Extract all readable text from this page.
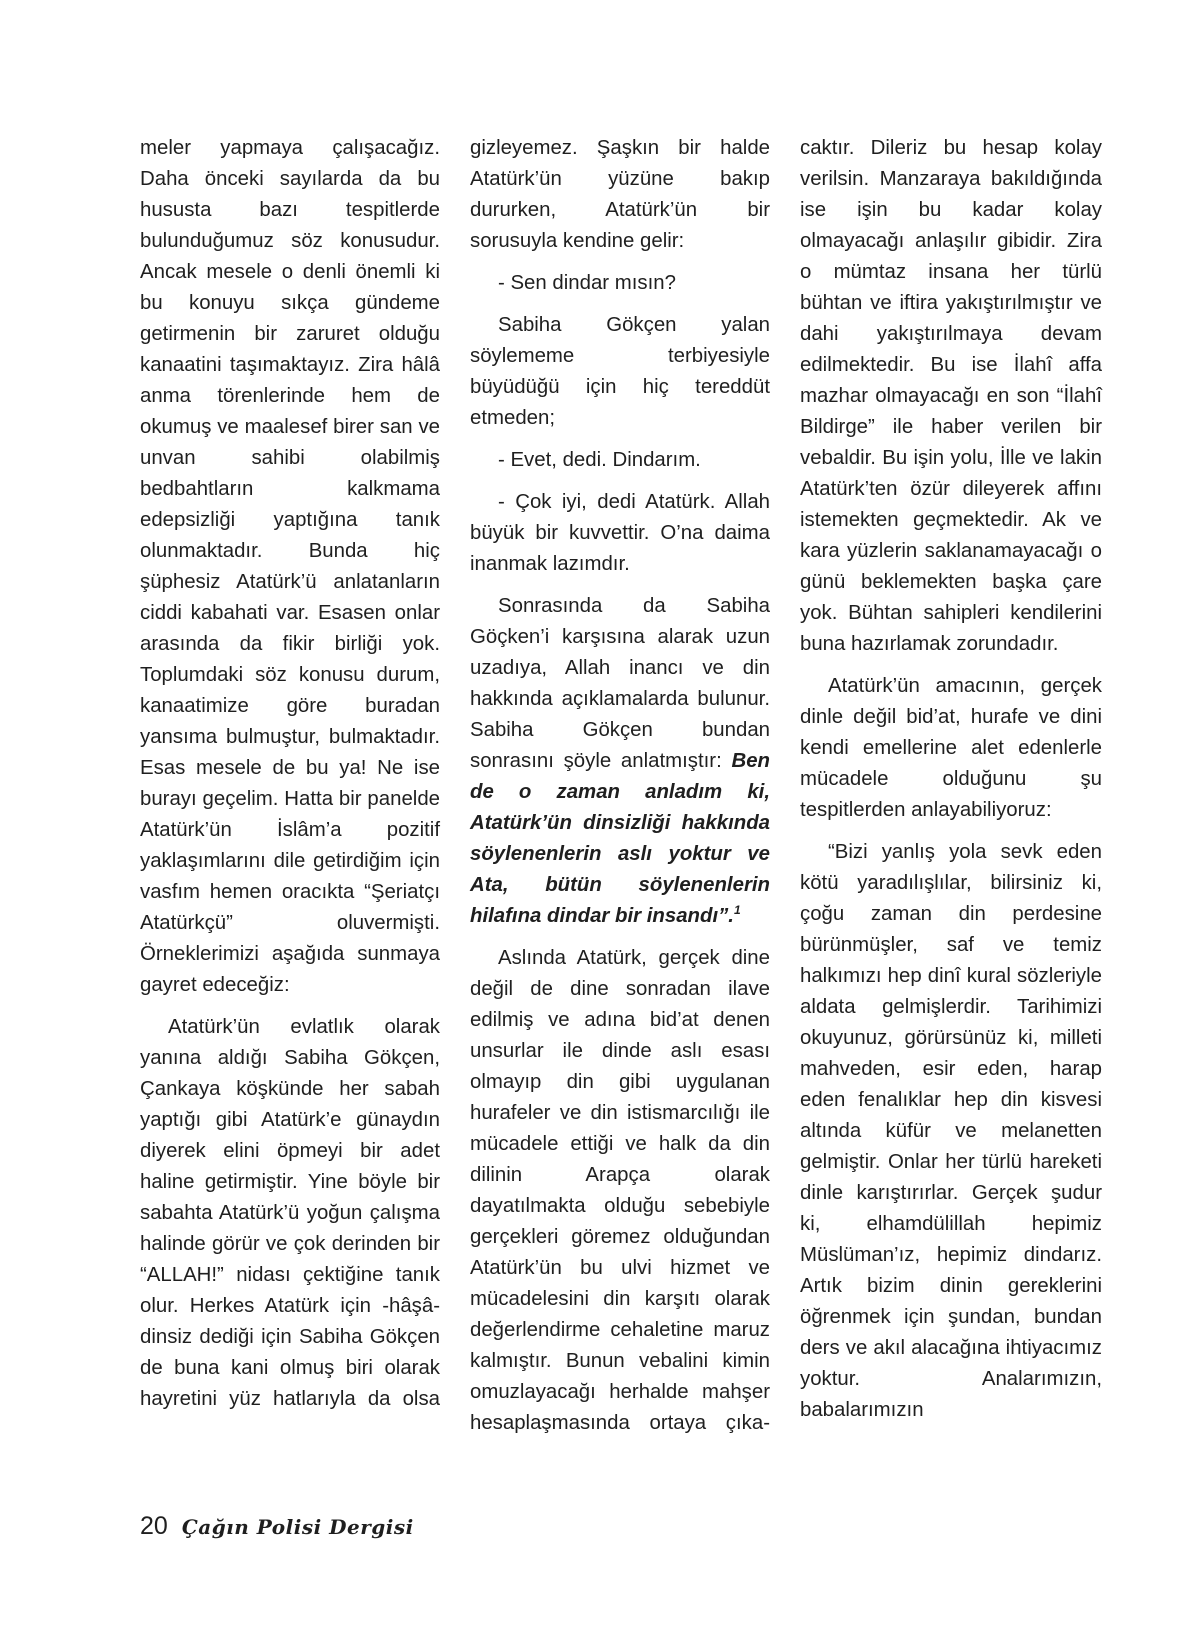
meler yapmaya çalışacağız. Daha önceki sayılarda da bu hususta bazı tespitlerde bulunduğumuz söz konusudur. Ancak mesele o denli önemli ki bu konuyu sıkça gündeme getirmenin bir zaruret olduğu kanaatini taşımaktayız. Zira hâlâ anma törenlerinde hem de okumuş ve maalesef birer san ve unvan sahibi olabilmiş bedbahtların kalkmama edepsizliği yaptığına tanık olunmaktadır. Bunda hiç şüphesiz Atatürk’ü anlatanların ciddi kabahati var. Esasen onlar arasında da fikir birliği yok. Toplumdaki söz konusu durum, kanaatimize göre buradan yansıma bulmuştur, bulmaktadır. Esas mesele de bu ya! Ne ise burayı geçelim. Hatta bir panelde Atatürk’ün İslâm’a pozitif yaklaşımlarını dile getirdiğim için vasfım hemen oracıkta “Şeriatçı Atatürkçü” oluvermişti. Örneklerimizi aşağıda sunmaya gayret edeceğiz:

Atatürk’ün evlatlık olarak yanına aldığı Sabiha Gökçen, Çankaya köşkünde her sabah yaptığı gibi Atatürk’e günaydın diyerek elini öpmeyi bir adet haline getirmiştir. Yine böyle bir sabahta Atatürk’ü yoğun çalışma halinde görür ve çok derinden bir “ALLAH!” nidası çektiğine tanık olur. Herkes Atatürk için -hâşâ- dinsiz dediği için Sabiha Gökçen de buna kani olmuş biri olarak hayretini yüz hatlarıyla da olsa

gizleyemez. Şaşkın bir halde Atatürk’ün yüzüne bakıp dururken, Atatürk’ün bir sorusuyla kendine gelir:

- Sen dindar mısın?

Sabiha Gökçen yalan söylememe terbiyesiyle büyüdüğü için hiç tereddüt etmeden;

- Evet, dedi. Dindarım.

- Çok iyi, dedi Atatürk. Allah büyük bir kuvvettir. O’na daima inanmak lazımdır.

Sonrasında da Sabiha Göçken’i karşısına alarak uzun uzadıya, Allah inancı ve din hakkında açıklamalarda bulunur. Sabiha Gökçen bundan sonrasını şöyle anlatmıştır: Ben de o zaman anladım ki, Atatürk’ün dinsizliği hakkında söylenenlerin aslı yoktur ve Ata, bütün söylenenlerin hilafına dindar bir insandı”.$^1$

Aslında Atatürk, gerçek dine değil de dine sonradan ilave edilmiş ve adına bid’at denen unsurlar ile dinde aslı esası olmayıp din gibi uygulanan hurafeler ve din istismarcılığı ile mücadele ettiği ve halk da din dilinin Arapça olarak dayatılmakta olduğu sebebiyle gerçekleri göremez olduğundan Atatürk’ün bu ulvi hizmet ve mücadelesini din karşıtı olarak değerlendirme cehaletine maruz kalmıştır. Bunun vebalini kimin omuzlayacağı herhalde mahşer hesaplaşmasında ortaya çıka-

caktır. Dileriz bu hesap kolay verilsin. Manzaraya bakıldığında ise işin bu kadar kolay olmayacağı anlaşılır gibidir. Zira o mümtaz insana her türlü bühtan ve iftira yakıştırılmıştır ve dahi yakıştırılmaya devam edilmektedir. Bu ise İlahî affa mazhar olmayacağı en son “İlahî Bildirge” ile haber verilen bir vebaldir. Bu işin yolu, İlle ve lakin Atatürk’ten özür dileyerek affını istemekten geçmektedir. Ak ve kara yüzlerin saklanamayacağı o günü beklemekten başka çare yok. Bühtan sahipleri kendilerini buna hazırlamak zorundadır.

Atatürk’ün amacının, gerçek dinle değil bid’at, hurafe ve dini kendi emellerine alet edenlerle mücadele olduğunu şu tespitlerden anlayabiliyoruz:

“Bizi yanlış yola sevk eden kötü yaradılışlılar, bilirsiniz ki, çoğu zaman din perdesine bürünmüşler, saf ve temiz halkımızı hep dinî kural sözleriyle aldata gelmişlerdir. Tarihimizi okuyunuz, görürsünüz ki, milleti mahveden, esir eden, harap eden fenalıklar hep din kisvesi altında küfür ve melanetten gelmiştir. Onlar her türlü hareketi dinle karıştırırlar. Gerçek şudur ki, elhamdülillah hepimiz Müslüman’ız, hepimiz dindarız. Artık bizim dinin gereklerini öğrenmek için şundan, bundan ders ve akıl alacağına ihtiyacımız yoktur. Analarımızın, babalarımızın

20 Çağın Polisi Dergisi
